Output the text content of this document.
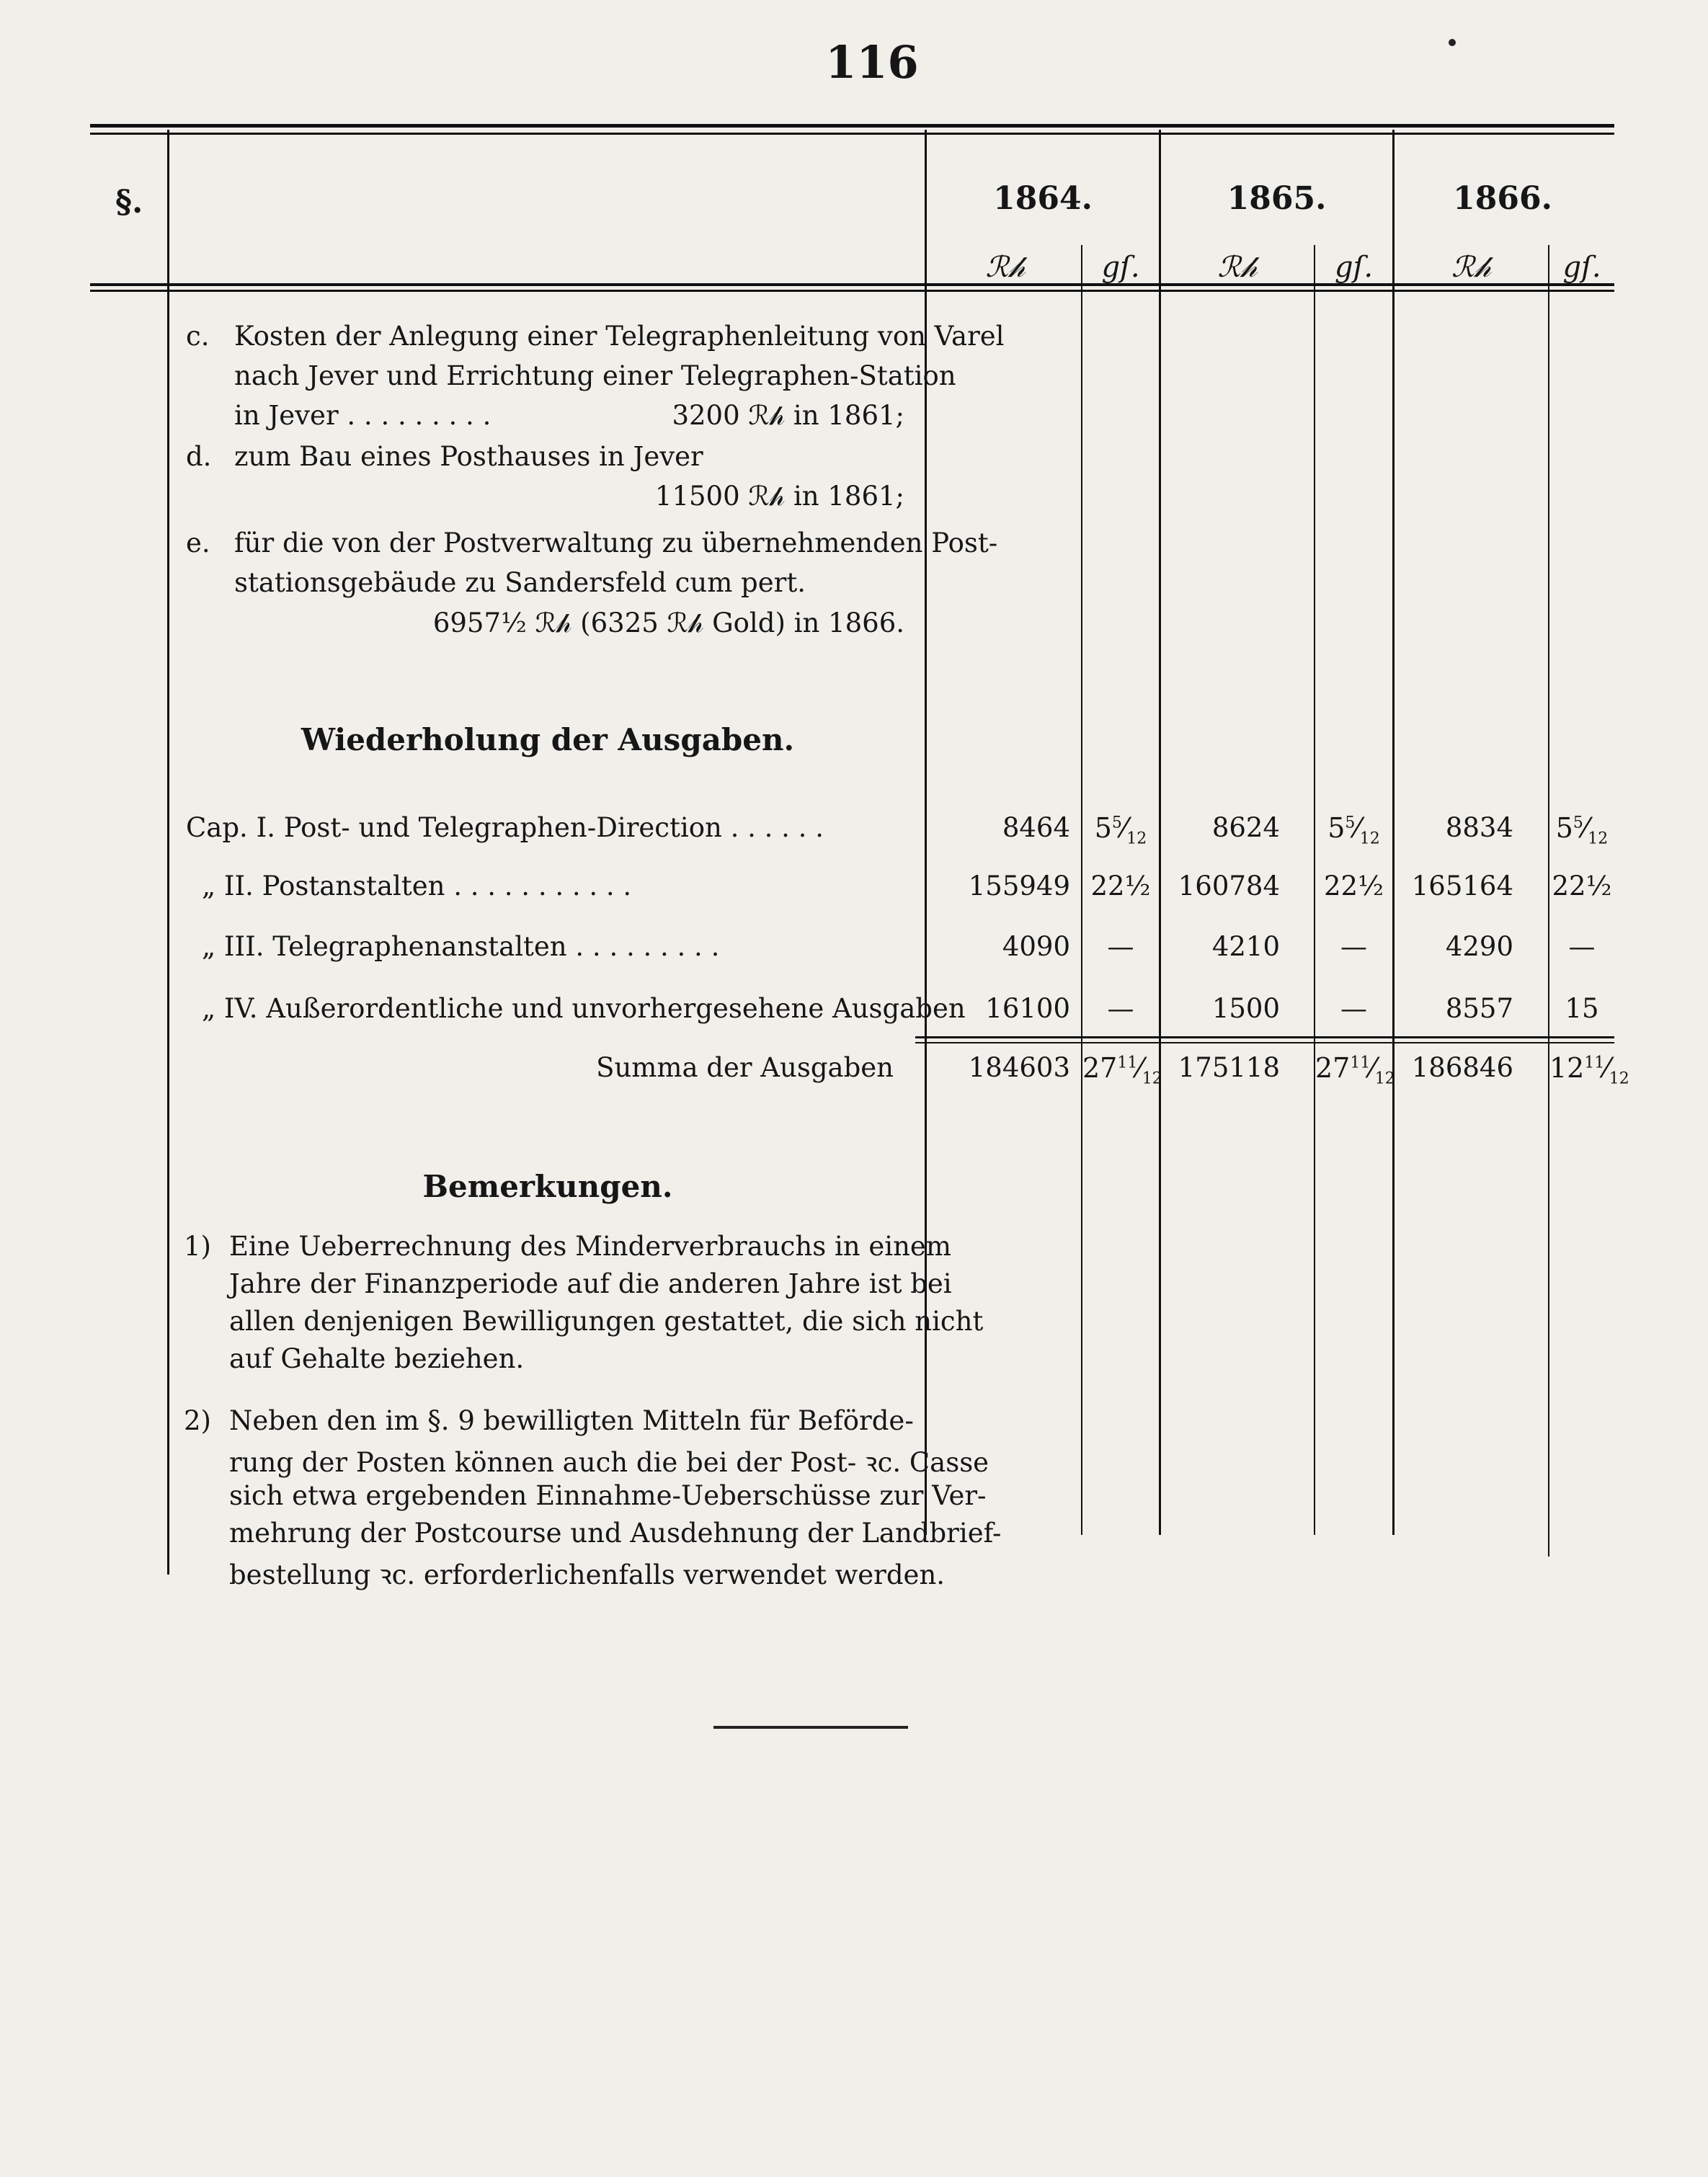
116
§.	1864.	1865.	1866.
ℛ𝒽	gſ.	ℛ𝒽	gſ.	ℛ𝒽	gſ.
c. Kosten der Anlegung einer Telegraphenleitung von Varel
nach Jever und Errichtung einer Telegraphen-Station
in Jever . . . . . . . . .	3200 ℛ𝒽 in 1861;
d. zum Bau eines Posthauses in Jever
11500 ℛ𝒽 in 1861;
e. für die von der Postverwaltung zu übernehmenden Post-
stationsgebäude zu Sandersfeld cum pert.
6957½ ℛ𝒽 (6325 ℛ𝒽 Gold) in 1866.
Wiederholung der Ausgaben.
Cap. I. Post- und Telegraphen-Direction . . . . . .	8464 $5^5⁄_{12}$	8624	$5^5⁄_{12}$	8834 $5^5⁄_{12}$
„ II. Postanstalten . . . . . . . . . . .	155949 22½	160784	22½	165164 22½
„ III. Telegraphenanstalten . . . . . . . . .	4090	—	4210	—	4290	—
„ IV. Außerordentliche und unvorhergesehene Ausgaben 16100	—	1500	—	8557	15
Summa der Ausgaben	184603 $27^{11}⁄_{12}$ 175118 $27^{11}⁄_{12}$ 186846 $12^{11}⁄_{12}$
Bemerkungen.
1) Eine Ueberrechnung des Minderverbrauchs in einem
Jahre der Finanzperiode auf die anderen Jahre ist bei
allen denjenigen Bewilligungen gestattet, die sich nicht
auf Gehalte beziehen.
2) Neben den im §. 9 bewilligten Mitteln für Beförde-
rung der Posten können auch die bei der Post- ꝛc. Casse
sich etwa ergebenden Einnahme-Ueberschüsse zur Ver-
mehrung der Postcourse und Ausdehnung der Landbrief-
bestellung ꝛc. erforderlichenfalls verwendet werden.
